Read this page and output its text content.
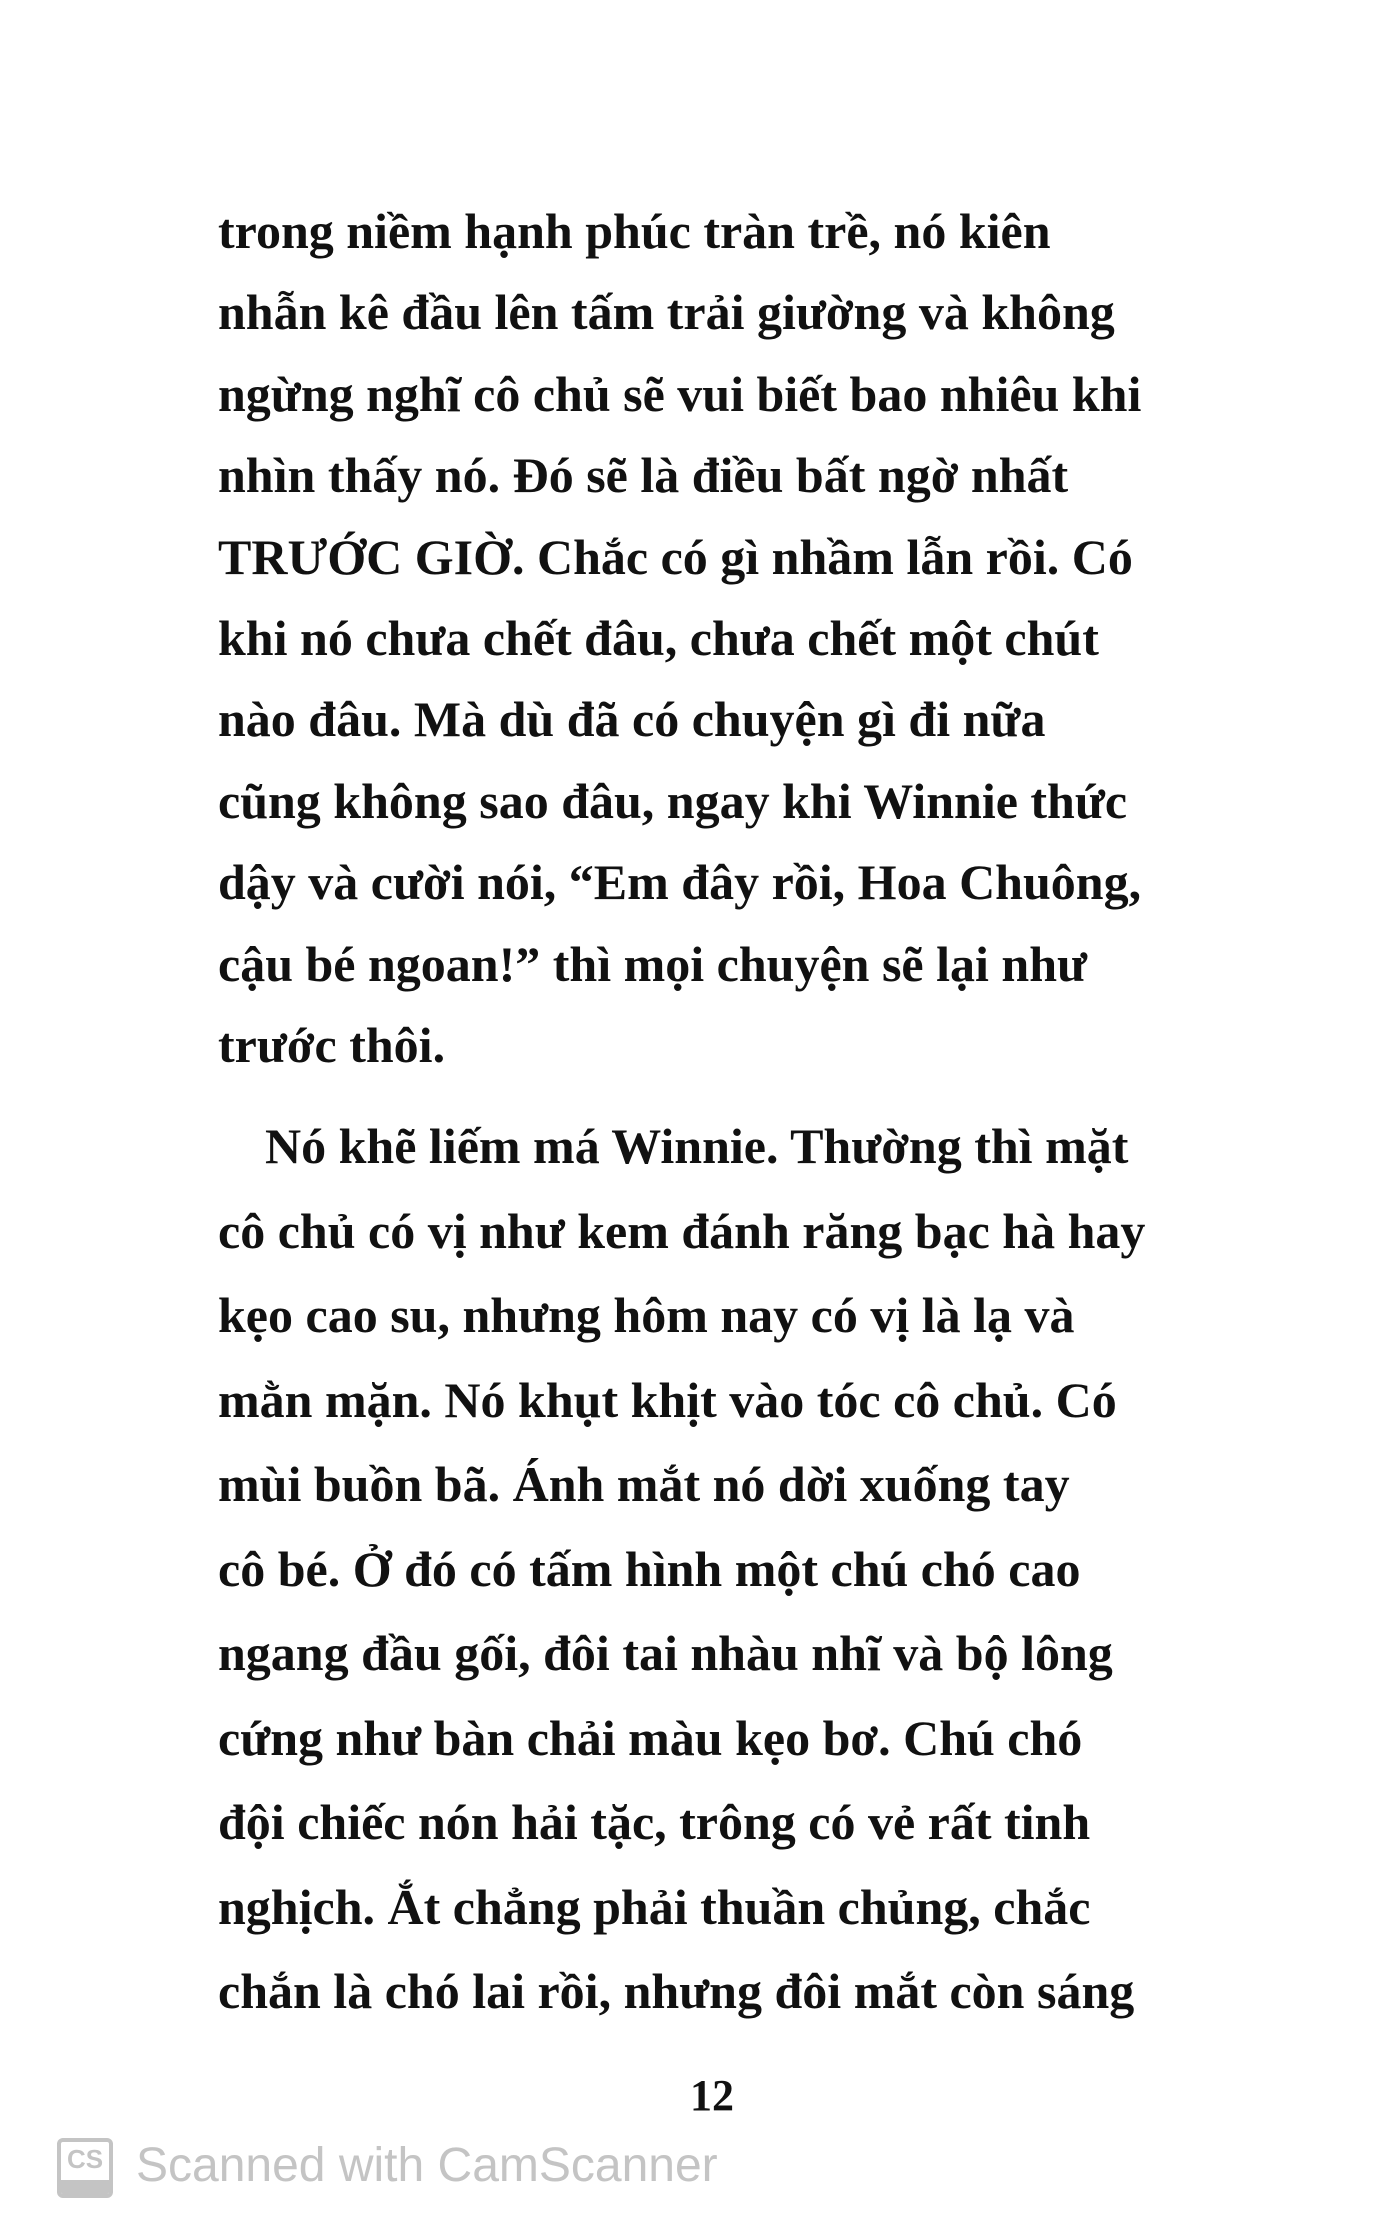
trong niềm hạnh phúc tràn trề, nó kiên
nhẫn kê đầu lên tấm trải giường và không
ngừng nghĩ cô chủ sẽ vui biết bao nhiêu khi
nhìn thấy nó. Đó sẽ là điều bất ngờ nhất
TRƯỚC GIỜ. Chắc có gì nhầm lẫn rồi. Có
khi nó chưa chết đâu, chưa chết một chút
nào đâu. Mà dù đã có chuyện gì đi nữa
cũng không sao đâu, ngay khi Winnie thức
dậy và cười nói, “Em đây rồi, Hoa Chuông,
cậu bé ngoan!” thì mọi chuyện sẽ lại như
trước thôi.
Nó khẽ liếm má Winnie. Thường thì mặt
cô chủ có vị như kem đánh răng bạc hà hay
kẹo cao su, nhưng hôm nay có vị là lạ và
mằn mặn. Nó khụt khịt vào tóc cô chủ. Có
mùi buồn bã. Ánh mắt nó dời xuống tay
cô bé. Ở đó có tấm hình một chú chó cao
ngang đầu gối, đôi tai nhàu nhĩ và bộ lông
cứng như bàn chải màu kẹo bơ. Chú chó
đội chiếc nón hải tặc, trông có vẻ rất tinh
nghịch. Ắt chẳng phải thuần chủng, chắc
chắn là chó lai rồi, nhưng đôi mắt còn sáng
CS Scanned with CamScanner
12
